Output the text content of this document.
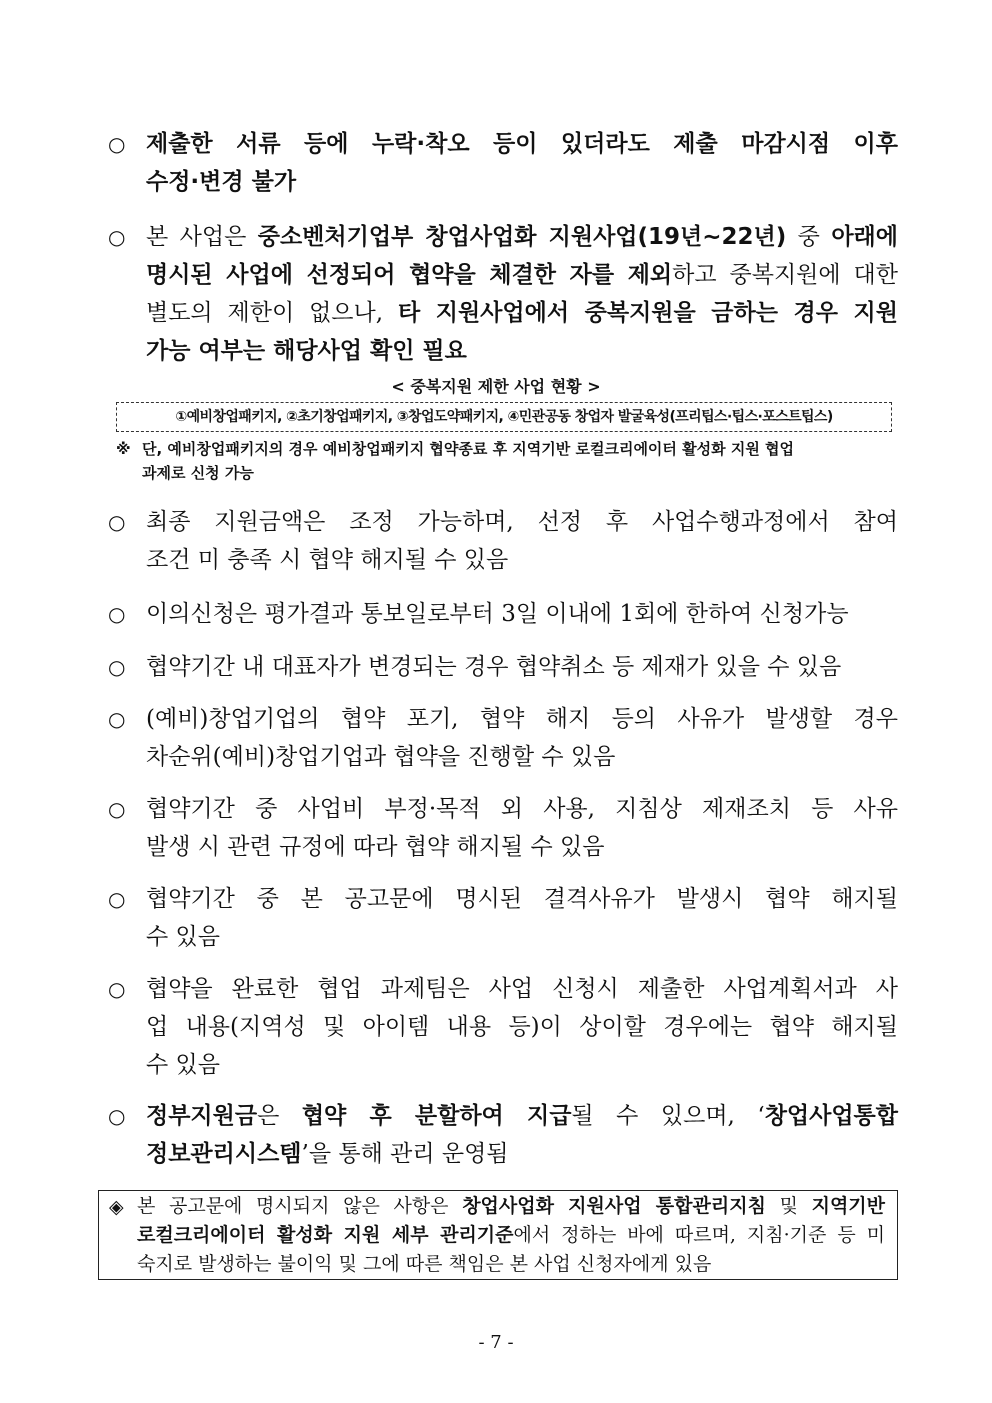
○ 제출한 서류 등에 누락·착오 등이 있더라도 제출 마감시점 이후
수정·변경 불가
○ 본 사업은 중소벤처기업부 창업사업화 지원사업(19년~22년) 중 아래에
명시된 사업에 선정되어 협약을 체결한 자를 제외하고 중복지원에 대한
별도의 제한이 없으나, 타 지원사업에서 중복지원을 금하는 경우 지원
가능 여부는 해당사업 확인 필요
< 중복지원 제한 사업 현황 >
①예비창업패키지, ②초기창업패키지, ③창업도약패키지, ④민관공동 창업자 발굴육성(프리팁스·팁스·포스트팁스)
※ 단, 예비창업패키지의 경우 예비창업패키지 협약종료 후 지역기반 로컬크리에이터 활성화 지원 협업
과제로 신청 가능
○ 최종 지원금액은 조정 가능하며, 선정 후 사업수행과정에서 참여
조건 미 충족 시 협약 해지될 수 있음
○ 이의신청은 평가결과 통보일로부터 3일 이내에 1회에 한하여 신청가능
○ 협약기간 내 대표자가 변경되는 경우 협약취소 등 제재가 있을 수 있음
○ (예비)창업기업의 협약 포기, 협약 해지 등의 사유가 발생할 경우
차순위(예비)창업기업과 협약을 진행할 수 있음
○ 협약기간 중 사업비 부정·목적 외 사용, 지침상 제재조치 등 사유
발생 시 관련 규정에 따라 협약 해지될 수 있음
○ 협약기간 중 본 공고문에 명시된 결격사유가 발생시 협약 해지될
수 있음
○ 협약을 완료한 협업 과제팀은 사업 신청시 제출한 사업계획서과 사
업 내용(지역성 및 아이템 내용 등)이 상이할 경우에는 협약 해지될
수 있음
○ 정부지원금은 협약 후 분할하여 지급될 수 있으며, ‘창업사업통합
정보관리시스템’을 통해 관리 운영됨
◈ 본 공고문에 명시되지 않은 사항은 창업사업화 지원사업 통합관리지침 및 지역기반
로컬크리에이터 활성화 지원 세부 관리기준에서 정하는 바에 따르며, 지침·기준 등 미
숙지로 발생하는 불이익 및 그에 따른 책임은 본 사업 신청자에게 있음
- 7 -
